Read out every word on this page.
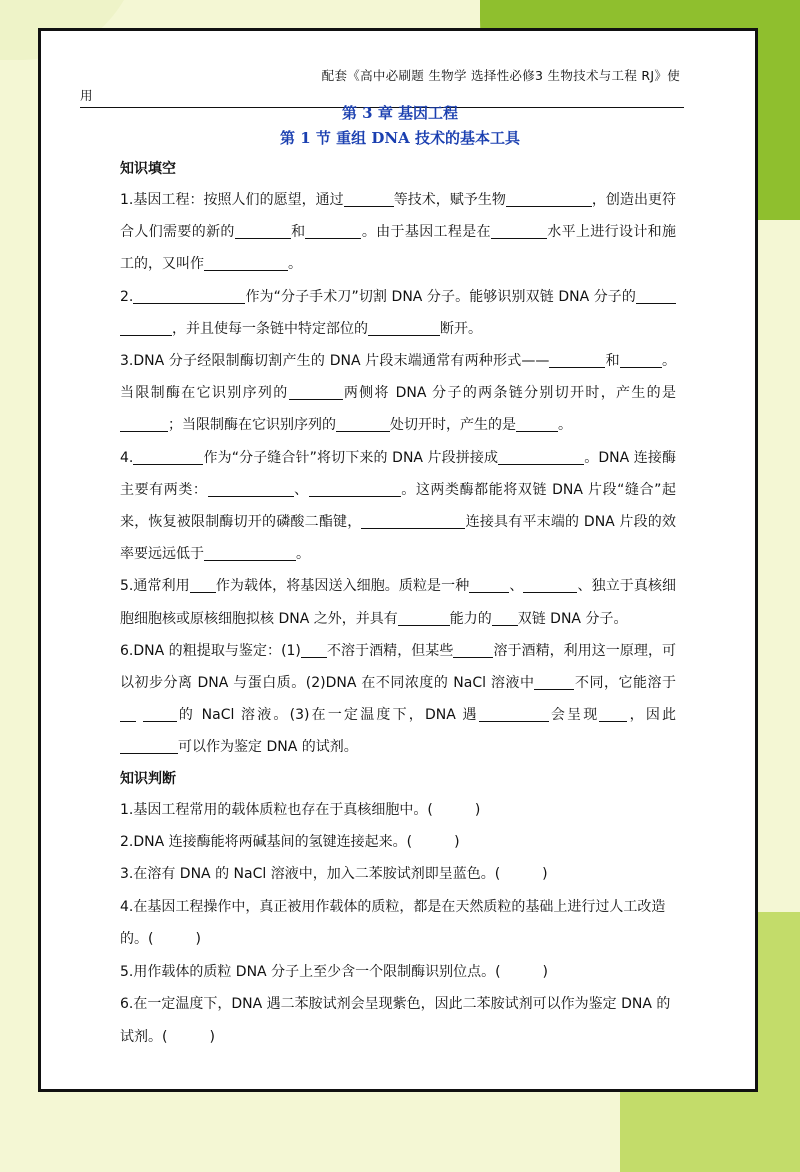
配套《高中必刷题 生物学 选择性必修3 生物技术与工程 RJ》使
用
第 3 章 基因工程
第 1 节 重组 DNA 技术的基本工具
知识填空
1.基因工程：按照人们的愿望，通过	等技术，赋予生物	，创造出更符合人们需要的新的	和	。由于基因工程是在	水平上进行设计和施工的，又叫作	。
2.	作为“分子手术刀”切割 DNA 分子。能够识别双链 DNA 分子的，并且使每一条链中特定部位的	断开。
3.DNA 分子经限制酶切割产生的 DNA 片段末端通常有两种形式——	和	。当限制酶在它识别序列的	两侧将 DNA 分子的两条链分别切开时，产生的是；当限制酶在它识别序列的	处切开时，产生的是	。
4.	作为“分子缝合针”将切下来的 DNA 片段拼接成	。DNA 连接酶主要有两类：	、	。这两类酶都能将双链 DNA 片段“缝合”起来，恢复被限制酶切开的磷酸二酯键，	连接具有平末端的 DNA 片段的效率要远远低于	。
5.通常利用 作为载体，将基因送入细胞。质粒是一种	、	、独立于真核细胞细胞核或原核细胞拟核 DNA 之外，并具有	能力的 双链 DNA 分子。
6.DNA 的粗提取与鉴定：(1) 不溶于酒精，但某些	溶于酒精，利用这一原理，可以初步分离 DNA 与蛋白质。(2)DNA 在不同浓度的 NaCl 溶液中	不同，它能溶于 的 NaCl 溶液。(3)在一定温度下，DNA 遇	会呈现 ，因此可以作为鉴定 DNA 的试剂。
知识判断
1.基因工程常用的载体质粒也存在于真核细胞中。(　　　)
2.DNA 连接酶能将两碱基间的氢键连接起来。(　　　)
3.在溶有 DNA 的 NaCl 溶液中，加入二苯胺试剂即呈蓝色。(　　　)
4.在基因工程操作中，真正被用作载体的质粒，都是在天然质粒的基础上进行过人工改造的。(　　　)
5.用作载体的质粒 DNA 分子上至少含一个限制酶识别位点。(　　　)
6.在一定温度下，DNA 遇二苯胺试剂会呈现紫色，因此二苯胺试剂可以作为鉴定 DNA 的试剂。(　　　)
